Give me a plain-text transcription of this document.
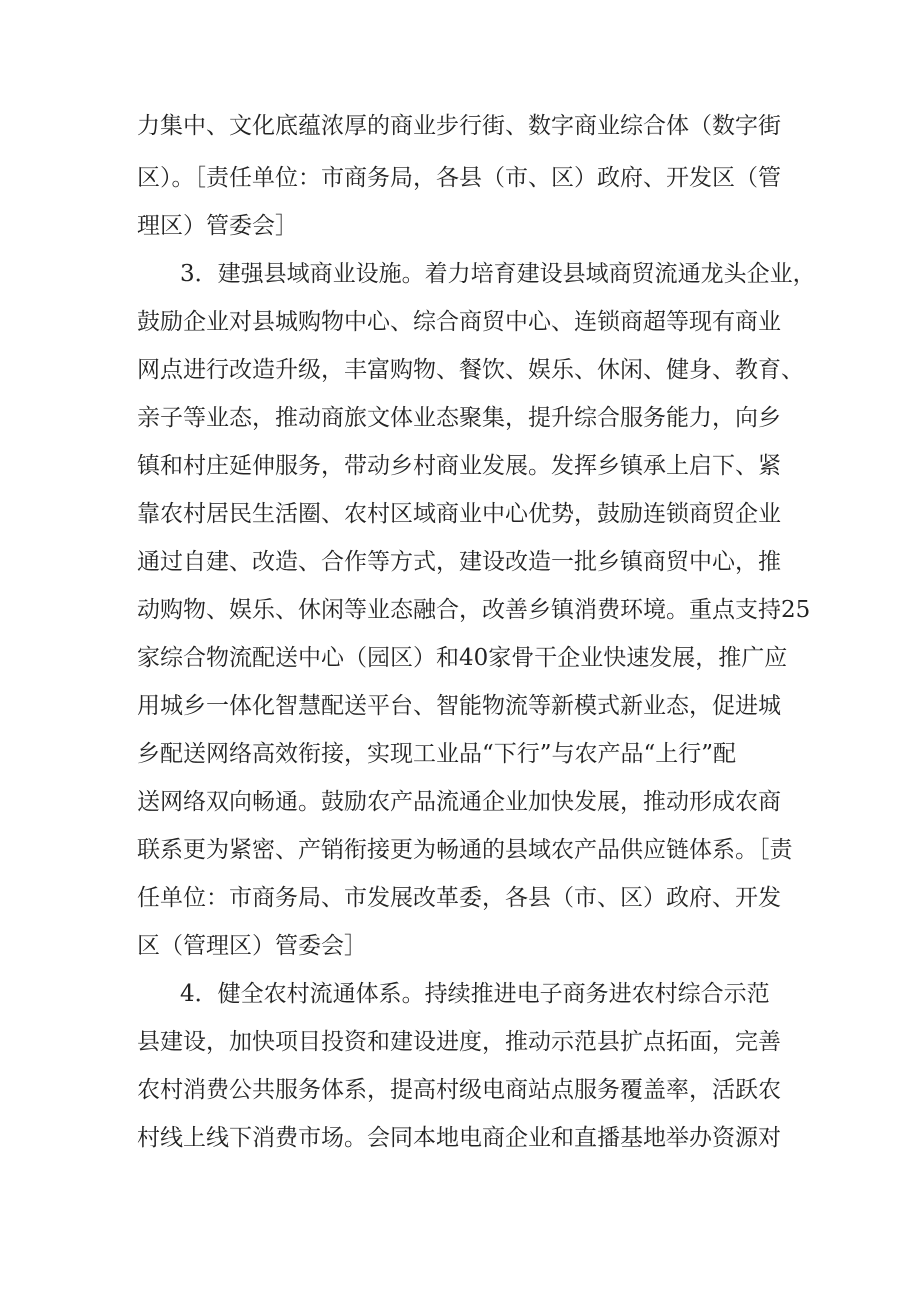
力集中、文化底蕴浓厚的商业步行街、数字商业综合体（数字街
区）。［责任单位：市商务局，各县（市、区）政府、开发区（管
理区）管委会］
3．建强县域商业设施。着力培育建设县域商贸流通龙头企业，
鼓励企业对县城购物中心、综合商贸中心、连锁商超等现有商业
网点进行改造升级，丰富购物、餐饮、娱乐、休闲、健身、教育、
亲子等业态，推动商旅文体业态聚集，提升综合服务能力，向乡
镇和村庄延伸服务，带动乡村商业发展。发挥乡镇承上启下、紧
靠农村居民生活圈、农村区域商业中心优势，鼓励连锁商贸企业
通过自建、改造、合作等方式，建设改造一批乡镇商贸中心，推
动购物、娱乐、休闲等业态融合，改善乡镇消费环境。重点支持25
家综合物流配送中心（园区）和40家骨干企业快速发展，推广应
用城乡一体化智慧配送平台、智能物流等新模式新业态，促进城
乡配送网络高效衔接，实现工业品“下行”与农产品“上行”配
送网络双向畅通。鼓励农产品流通企业加快发展，推动形成农商
联系更为紧密、产销衔接更为畅通的县域农产品供应链体系。［责
任单位：市商务局、市发展改革委，各县（市、区）政府、开发
区（管理区）管委会］
4．健全农村流通体系。持续推进电子商务进农村综合示范
县建设，加快项目投资和建设进度，推动示范县扩点拓面，完善
农村消费公共服务体系，提高村级电商站点服务覆盖率，活跃农
村线上线下消费市场。会同本地电商企业和直播基地举办资源对
